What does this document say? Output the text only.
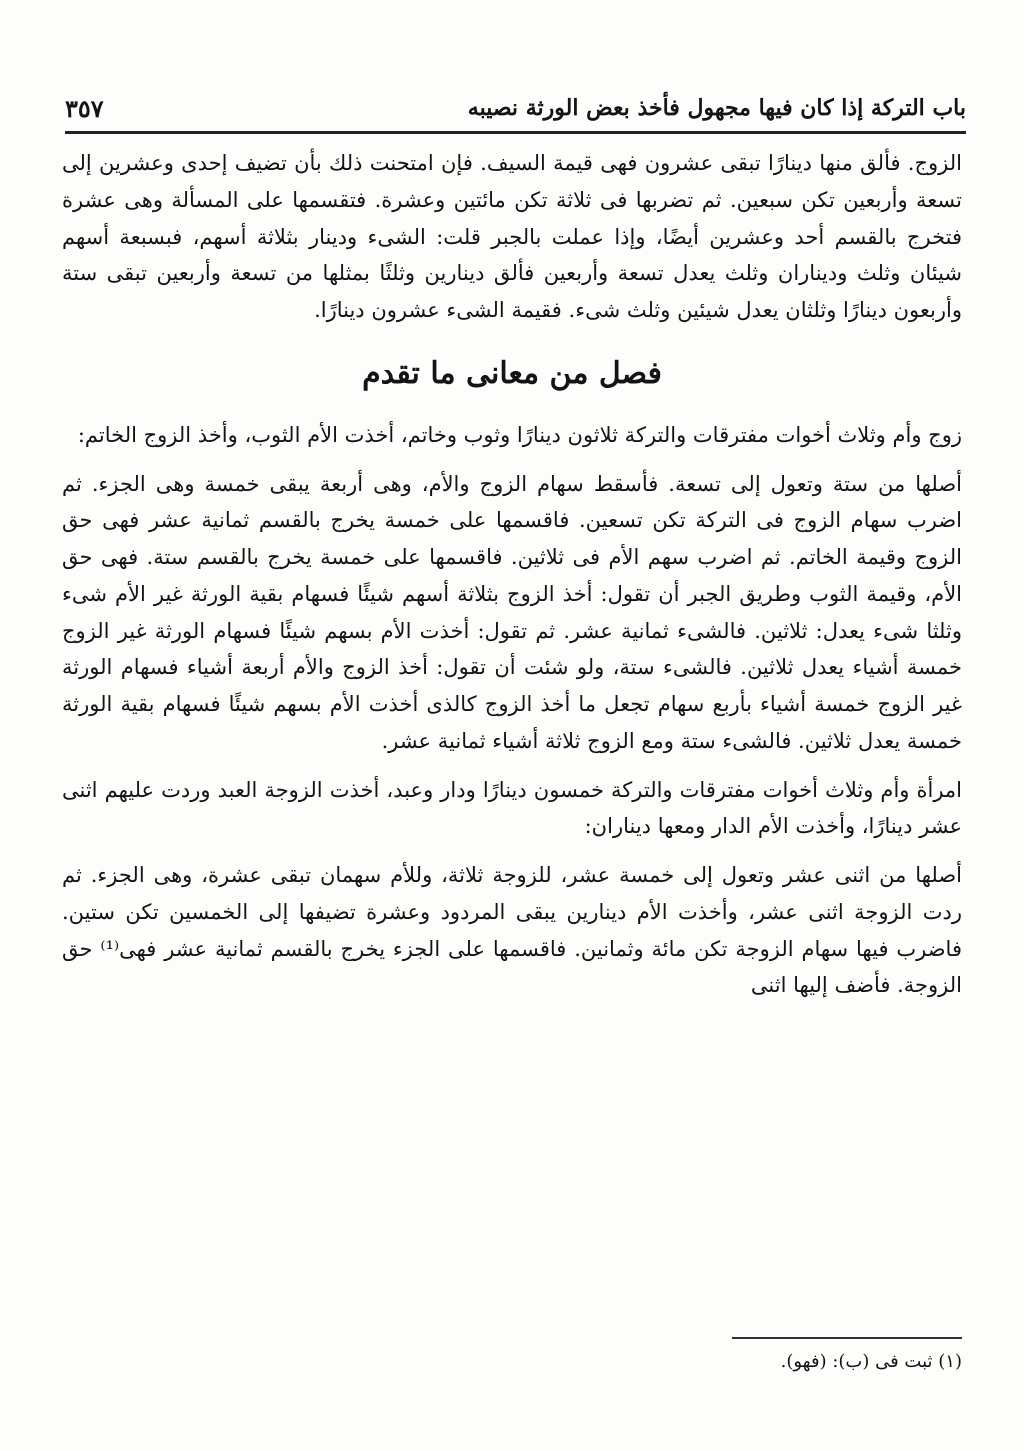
باب التركة إذا كان فيها مجهول فأخذ بعض الورثة نصيبه
٣٥٧

الزوج. فألق منها دينارًا تبقى عشرون فهى قيمة السيف. فإن امتحنت ذلك بأن تضيف إحدى وعشرين إلى تسعة وأربعين تكن سبعين. ثم تضربها فى ثلاثة تكن مائتين وعشرة. فتقسمها على المسألة وهى عشرة فتخرج بالقسم أحد وعشرين أيضًا، وإذا عملت بالجبر قلت: الشىء ودينار بثلاثة أسهم، فبسبعة أسهم شيئان وثلث وديناران وثلث يعدل تسعة وأربعين فألق دينارين وثلثًا بمثلها من تسعة وأربعين تبقى ستة وأربعون دينارًا وثلثان يعدل شيئين وثلث شىء. فقيمة الشىء عشرون دينارًا.

فصل من معانى ما تقدم

زوج وأم وثلاث أخوات مفترقات والتركة ثلاثون دينارًا وثوب وخاتم، أخذت الأم الثوب، وأخذ الزوج الخاتم:

أصلها من ستة وتعول إلى تسعة. فأسقط سهام الزوج والأم، وهى أربعة يبقى خمسة وهى الجزء. ثم اضرب سهام الزوج فى التركة تكن تسعين. فاقسمها على خمسة يخرج بالقسم ثمانية عشر فهى حق الزوج وقيمة الخاتم. ثم اضرب سهم الأم فى ثلاثين. فاقسمها على خمسة يخرج بالقسم ستة. فهى حق الأم، وقيمة الثوب وطريق الجبر أن تقول: أخذ الزوج بثلاثة أسهم شيئًا فسهام بقية الورثة غير الأم شىء وثلثا شىء يعدل: ثلاثين. فالشىء ثمانية عشر. ثم تقول: أخذت الأم بسهم شيئًا فسهام الورثة غير الزوج خمسة أشياء يعدل ثلاثين. فالشىء ستة، ولو شئت أن تقول: أخذ الزوج والأم أربعة أشياء فسهام الورثة غير الزوج خمسة أشياء بأربع سهام تجعل ما أخذ الزوج كالذى أخذت الأم بسهم شيئًا فسهام بقية الورثة خمسة يعدل ثلاثين. فالشىء ستة ومع الزوج ثلاثة أشياء ثمانية عشر.

امرأة وأم وثلاث أخوات مفترقات والتركة خمسون دينارًا ودار وعبد، أخذت الزوجة العبد وردت عليهم اثنى عشر دينارًا، وأخذت الأم الدار ومعها ديناران:

أصلها من اثنى عشر وتعول إلى خمسة عشر، للزوجة ثلاثة، وللأم سهمان تبقى عشرة، وهى الجزء. ثم ردت الزوجة اثنى عشر، وأخذت الأم دينارين يبقى المردود وعشرة تضيفها إلى الخمسين تكن ستين. فاضرب فيها سهام الزوجة تكن مائة وثمانين. فاقسمها على الجزء يخرج بالقسم ثمانية عشر فهى⁽¹⁾ حق الزوجة. فأضف إليها اثنى

(١) ثبت فى (ب): (فهو).
